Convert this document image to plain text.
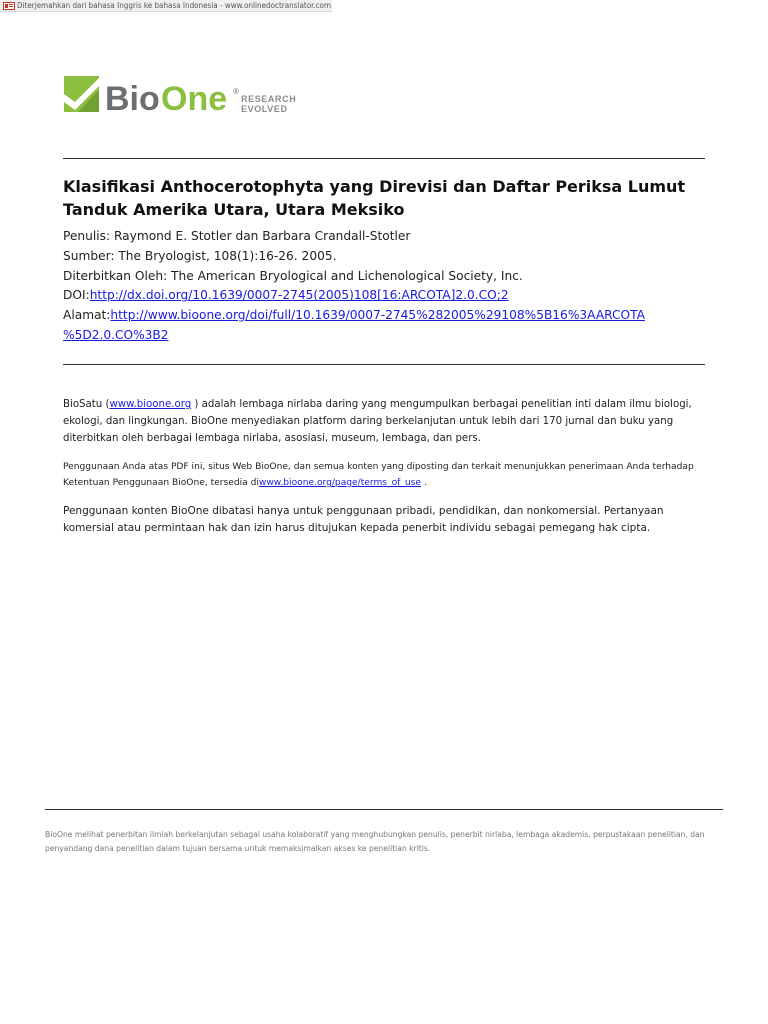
Diterjemahkan dari bahasa Inggris ke bahasa Indonesia - www.onlinedoctranslator.com
Bio One ®
RESEARCH
EVOLVED
Klasifikasi Anthocerotophyta yang Direvisi dan Daftar Periksa Lumut Tanduk Amerika Utara, Utara Meksiko
Penulis: Raymond E. Stotler dan Barbara Crandall-Stotler
Sumber: The Bryologist, 108(1):16-26. 2005.
Diterbitkan Oleh: The American Bryological and Lichenological Society, Inc.
DOI:http://dx.doi.org/10.1639/0007-2745(2005)108[16:ARCOTA]2.0.CO;2
Alamat:http://www.bioone.org/doi/full/10.1639/0007-2745%282005%29108%5B16%3AARCOTA
%5D2.0.CO%3B2

BioSatu (www.bioone.org ) adalah lembaga nirlaba daring yang mengumpulkan berbagai penelitian inti dalam ilmu biologi, ekologi, dan lingkungan. BioOne menyediakan platform daring berkelanjutan untuk lebih dari 170 jurnal dan buku yang diterbitkan oleh berbagai lembaga nirlaba, asosiasi, museum, lembaga, dan pers.

Penggunaan Anda atas PDF ini, situs Web BioOne, dan semua konten yang diposting dan terkait menunjukkan penerimaan Anda terhadap Ketentuan Penggunaan BioOne, tersedia diwww.bioone.org/page/terms_of_use .

Penggunaan konten BioOne dibatasi hanya untuk penggunaan pribadi, pendidikan, dan nonkomersial. Pertanyaan komersial atau permintaan hak dan izin harus ditujukan kepada penerbit individu sebagai pemegang hak cipta.

BioOne melihat penerbitan ilmiah berkelanjutan sebagai usaha kolaboratif yang menghubungkan penulis, penerbit nirlaba, lembaga akademis, perpustakaan penelitian, dan penyandang dana penelitian dalam tujuan bersama untuk memaksimalkan akses ke penelitian kritis.
